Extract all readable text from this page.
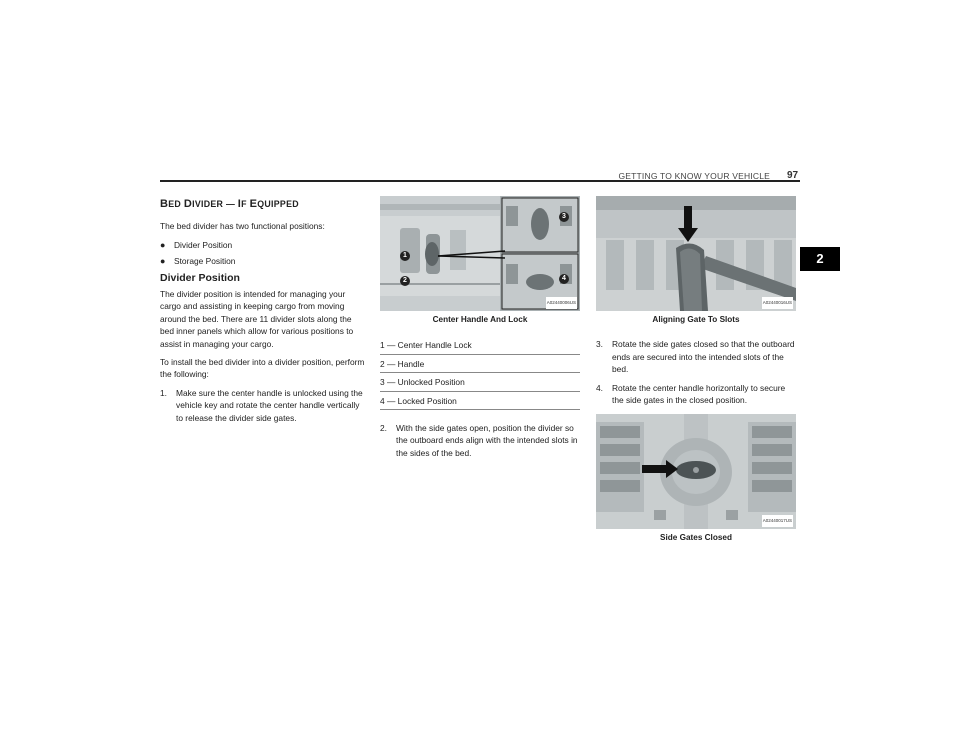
GETTING TO KNOW YOUR VEHICLE 97
2
BED DIVIDER — IF EQUIPPED

The bed divider has two functional positions:

●	Divider Position
●	Storage Position
Divider Position

The divider position is intended for managing your cargo and assisting in keeping cargo from moving around the bed. There are 11 divider slots along the bed inner panels which allow for various positions to assist in managing your cargo.

To install the bed divider into a divider position, perform the following:

1.	Make sure the center handle is unlocked using the vehicle key and rotate the center handle vertically to release the divider side gates.
1
2
3
4
A02440006US
Center Handle And Lock
1 — Center Handle Lock
2 — Handle
3 — Unlocked Position
4 — Locked Position
2.	With the side gates open, position the divider so the outboard ends align with the intended slots in the sides of the bed.
A02440016US
Aligning Gate To Slots
3.	Rotate the side gates closed so that the outboard ends are secured into the intended slots of the bed.
4.	Rotate the center handle horizontally to secure the side gates in the closed position.
A02440017US
Side Gates Closed
